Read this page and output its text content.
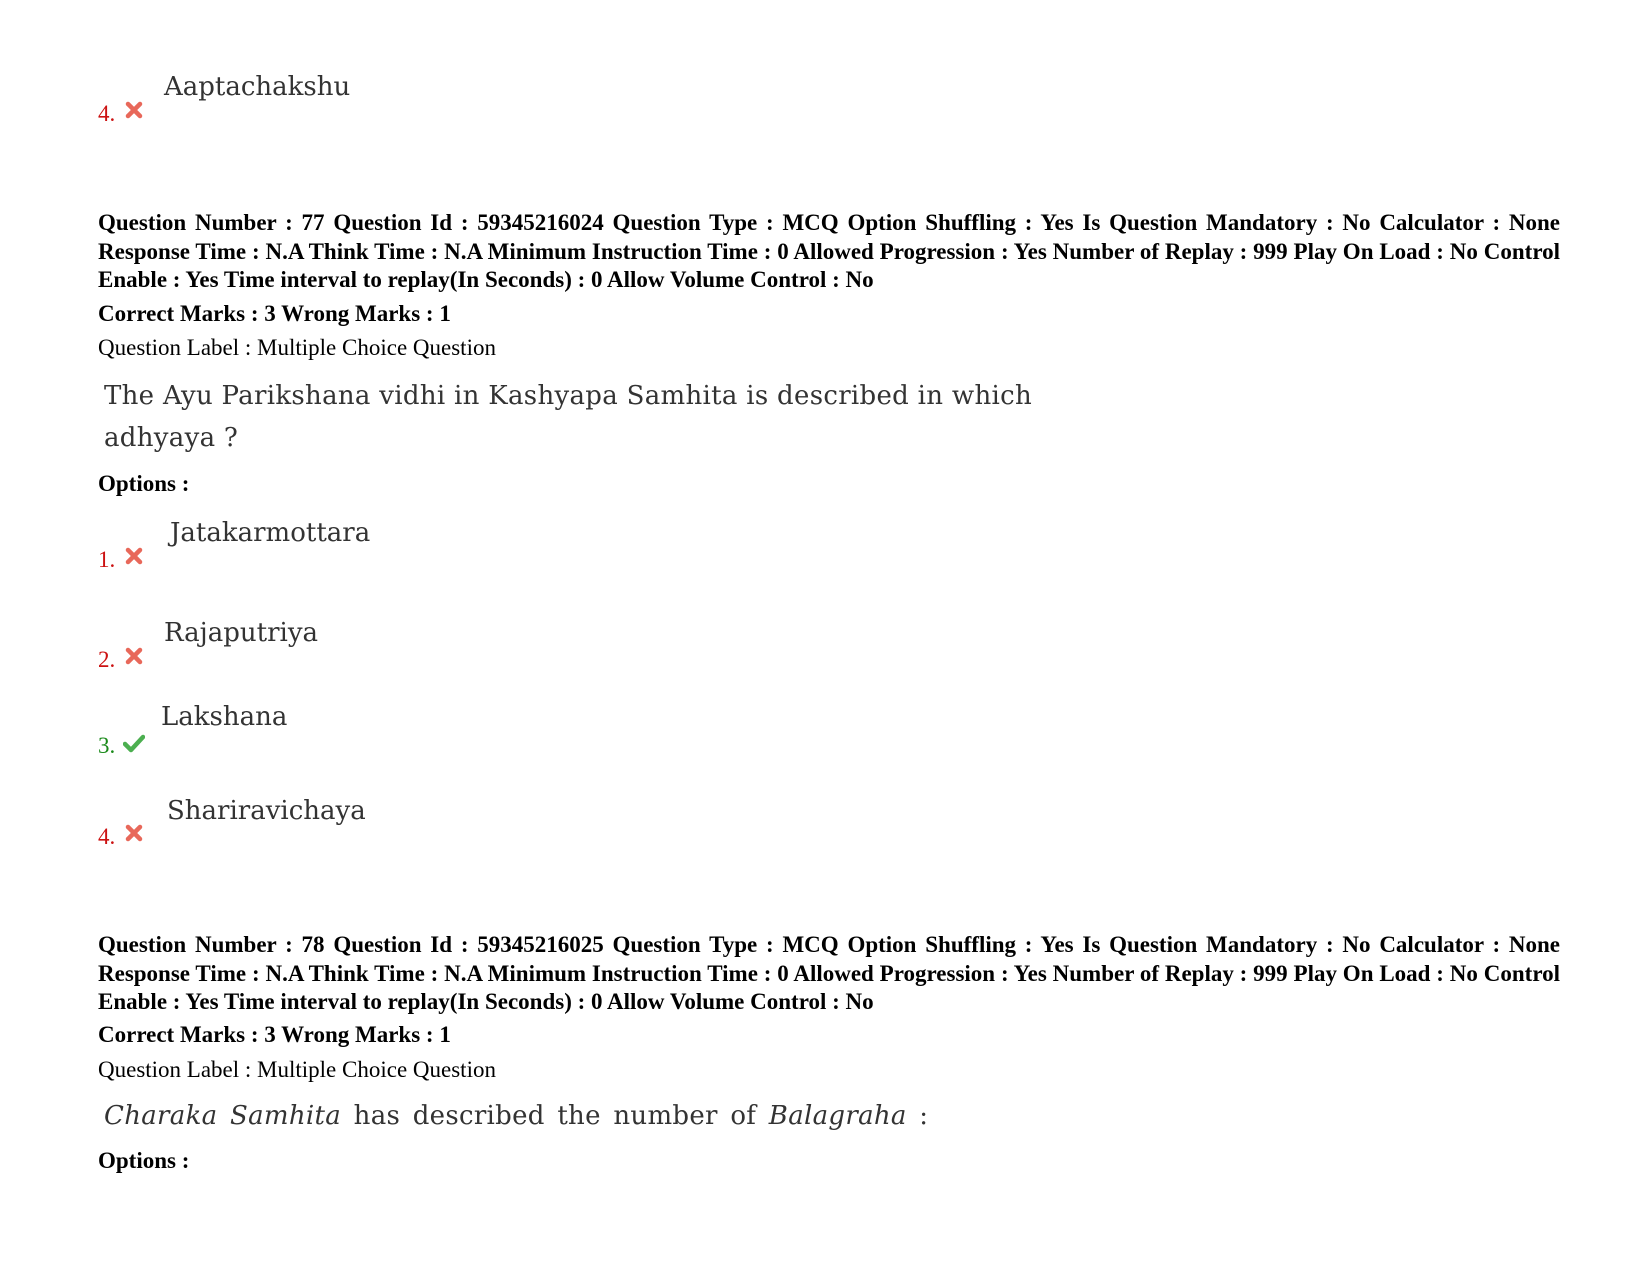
4.
Aaptachakshu
Question Number : 77 Question Id : 59345216024 Question Type : MCQ Option Shuffling : Yes Is Question Mandatory : No Calculator : None Response Time : N.A Think Time : N.A Minimum Instruction Time : 0 Allowed Progression : Yes Number of Replay : 999 Play On Load : No Control Enable : Yes Time interval to replay(In Seconds) : 0 Allow Volume Control : No
Correct Marks : 3 Wrong Marks : 1
Question Label : Multiple Choice Question
The Ayu Parikshana vidhi in Kashyapa Samhita is described in which
adhyaya ?
Options :
1.
Jatakarmottara
2.
Rajaputriya
3.
Lakshana
4.
Shariravichaya
Question Number : 78 Question Id : 59345216025 Question Type : MCQ Option Shuffling : Yes Is Question Mandatory : No Calculator : None Response Time : N.A Think Time : N.A Minimum Instruction Time : 0 Allowed Progression : Yes Number of Replay : 999 Play On Load : No Control Enable : Yes Time interval to replay(In Seconds) : 0 Allow Volume Control : No
Correct Marks : 3 Wrong Marks : 1
Question Label : Multiple Choice Question
Charaka Samhita has described the number of Balagraha :
Options :
